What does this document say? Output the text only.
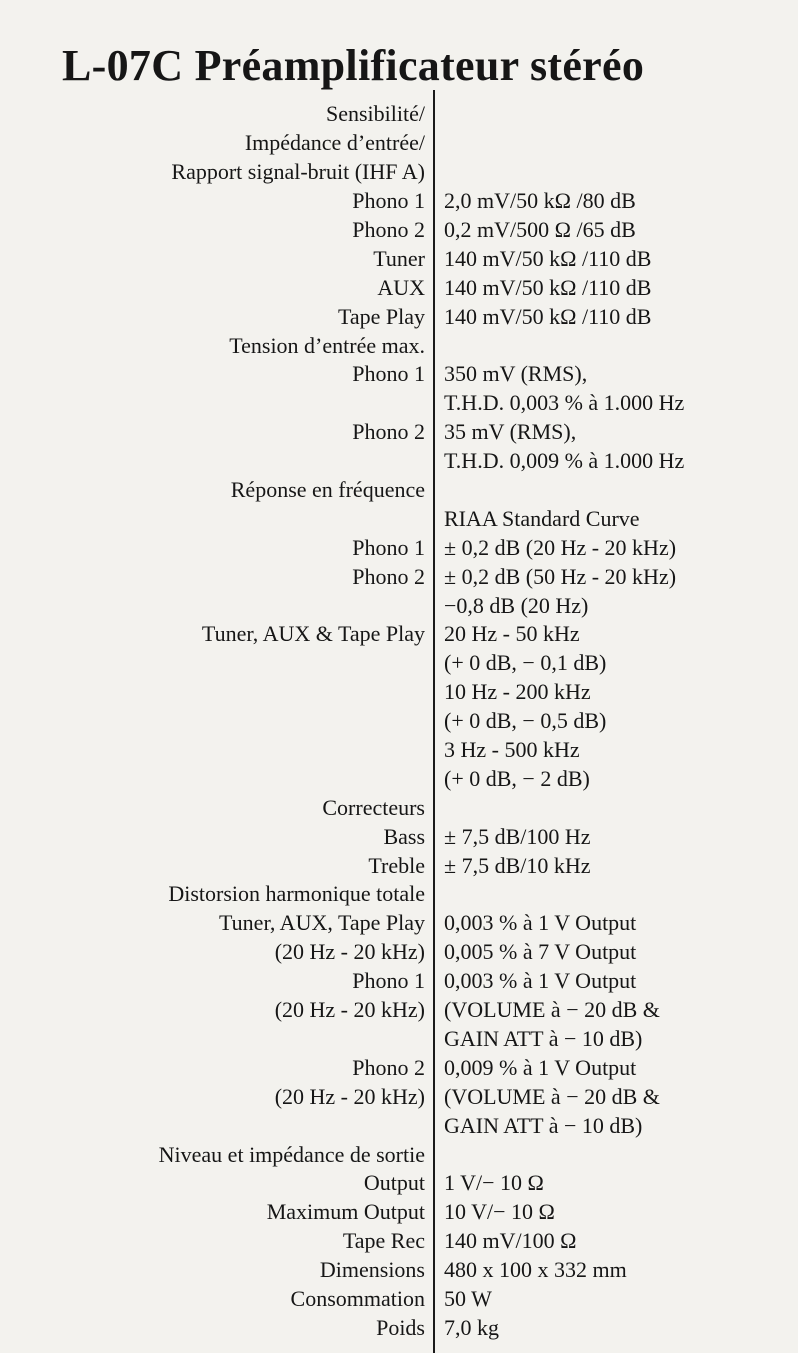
L-07C Préamplificateur stéréo
Sensibilité/
Impédance d’entrée/
Rapport signal-bruit (IHF A)
Phono 1 2,0 mV/50 kΩ /80 dB
Phono 2 0,2 mV/500 Ω /65 dB
Tuner 140 mV/50 kΩ /110 dB
AUX 140 mV/50 kΩ /110 dB
Tape Play 140 mV/50 kΩ /110 dB
Tension d’entrée max.
Phono 1 350 mV (RMS),
T.H.D. 0,003 % à 1.000 Hz
Phono 2 35 mV (RMS),
T.H.D. 0,009 % à 1.000 Hz
Réponse en fréquence
RIAA Standard Curve
Phono 1 ± 0,2 dB (20 Hz - 20 kHz)
Phono 2 ± 0,2 dB (50 Hz - 20 kHz)
−0,8 dB (20 Hz)
Tuner, AUX & Tape Play 20 Hz - 50 kHz
(+ 0 dB, − 0,1 dB)
10 Hz - 200 kHz
(+ 0 dB, − 0,5 dB)
3 Hz - 500 kHz
(+ 0 dB, − 2 dB)
Correcteurs
Bass ± 7,5 dB/100 Hz
Treble ± 7,5 dB/10 kHz
Distorsion harmonique totale
Tuner, AUX, Tape Play 0,003 % à 1 V Output
(20 Hz - 20 kHz) 0,005 % à 7 V Output
Phono 1 0,003 % à 1 V Output
(20 Hz - 20 kHz) (VOLUME à − 20 dB &
GAIN ATT à − 10 dB)
Phono 2 0,009 % à 1 V Output
(20 Hz - 20 kHz) (VOLUME à − 20 dB &
GAIN ATT à − 10 dB)
Niveau et impédance de sortie
Output 1 V/− 10 Ω
Maximum Output 10 V/− 10 Ω
Tape Rec 140 mV/100 Ω
Dimensions 480 x 100 x 332 mm
Consommation 50 W
Poids 7,0 kg
